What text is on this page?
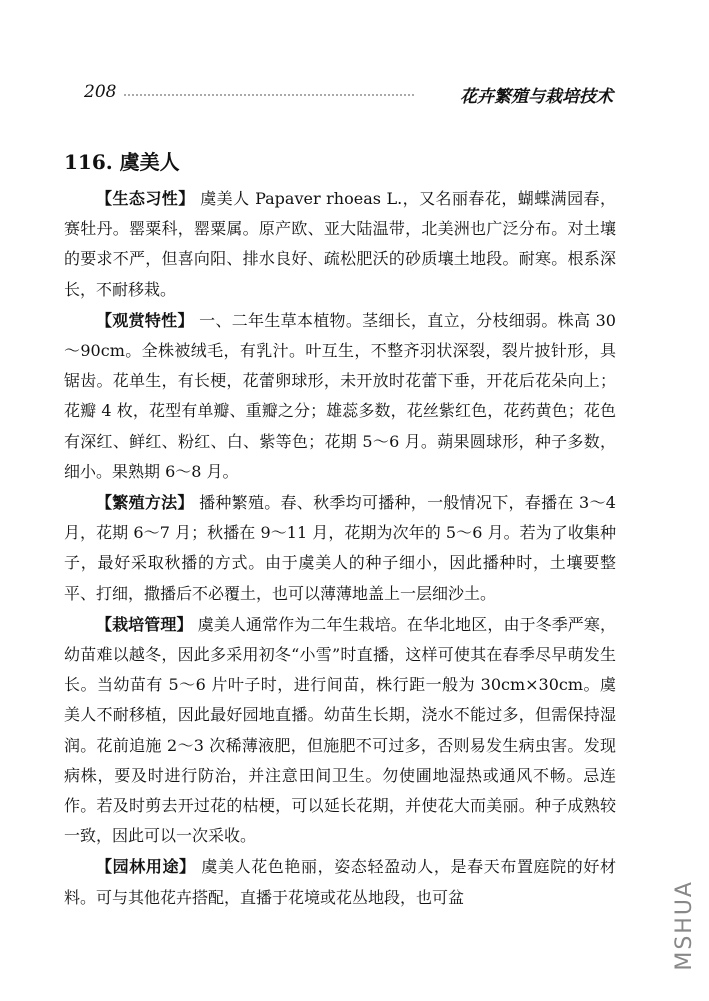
208	花卉繁殖与栽培技术
116. 虞美人

【生态习性】 虞美人 Papaver rhoeas L.，又名丽春花，蝴蝶满园春，赛牡丹。罂粟科，罂粟属。原产欧、亚大陆温带，北美洲也广泛分布。对土壤的要求不严，但喜向阳、排水良好、疏松肥沃的砂质壤土地段。耐寒。根系深长，不耐移栽。

【观赏特性】 一、二年生草本植物。茎细长，直立，分枝细弱。株高 30～90cm。全株被绒毛，有乳汁。叶互生，不整齐羽状深裂，裂片披针形，具锯齿。花单生，有长梗，花蕾卵球形，未开放时花蕾下垂，开花后花朵向上；花瓣 4 枚，花型有单瓣、重瓣之分；雄蕊多数，花丝紫红色，花药黄色；花色有深红、鲜红、粉红、白、紫等色；花期 5～6 月。蒴果圆球形，种子多数，细小。果熟期 6～8 月。

【繁殖方法】 播种繁殖。春、秋季均可播种，一般情况下，春播在 3～4 月，花期 6～7 月；秋播在 9～11 月，花期为次年的 5～6 月。若为了收集种子，最好采取秋播的方式。由于虞美人的种子细小，因此播种时，土壤要整平、打细，撒播后不必覆土，也可以薄薄地盖上一层细沙土。

【栽培管理】 虞美人通常作为二年生栽培。在华北地区，由于冬季严寒，幼苗难以越冬，因此多采用初冬“小雪”时直播，这样可使其在春季尽早萌发生长。当幼苗有 5～6 片叶子时，进行间苗，株行距一般为 30cm×30cm。虞美人不耐移植，因此最好园地直播。幼苗生长期，浇水不能过多，但需保持湿润。花前追施 2～3 次稀薄液肥，但施肥不可过多，否则易发生病虫害。发现病株，要及时进行防治，并注意田间卫生。勿使圃地湿热或通风不畅。忌连作。若及时剪去开过花的枯梗，可以延长花期，并使花大而美丽。种子成熟较一致，因此可以一次采收。

【园林用途】 虞美人花色艳丽，姿态轻盈动人，是春天布置庭院的好材料。可与其他花卉搭配，直播于花境或花丛地段，也可盆	MSHUA
